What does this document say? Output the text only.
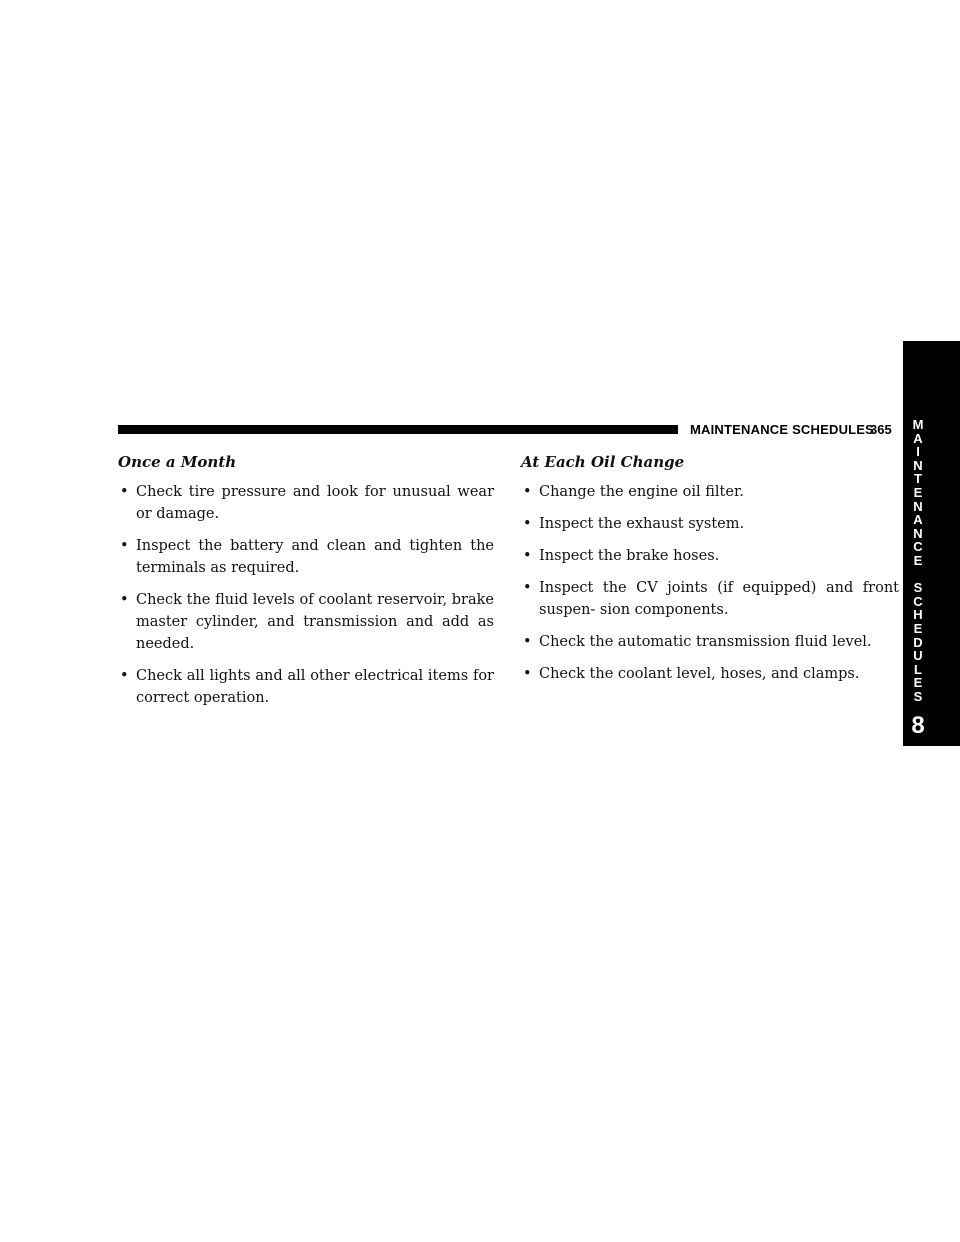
MAINTENANCE SCHEDULES
365	M
A
I
N
T
E
N
A
N
C
E

S
C
H
E
D
U
L
E
S
8
Once a Month
• Check tire pressure and look for unusual wear or damage.
• Inspect the battery and clean and tighten the terminals as required.
• Check the fluid levels of coolant reservoir, brake master cylinder, and transmission and add as needed.
• Check all lights and all other electrical items for correct operation.
At Each Oil Change
• Change the engine oil filter.
• Inspect the exhaust system.
• Inspect the brake hoses.
• Inspect the CV joints (if equipped) and front suspen- sion components.
• Check the automatic transmission fluid level.
• Check the coolant level, hoses, and clamps.
